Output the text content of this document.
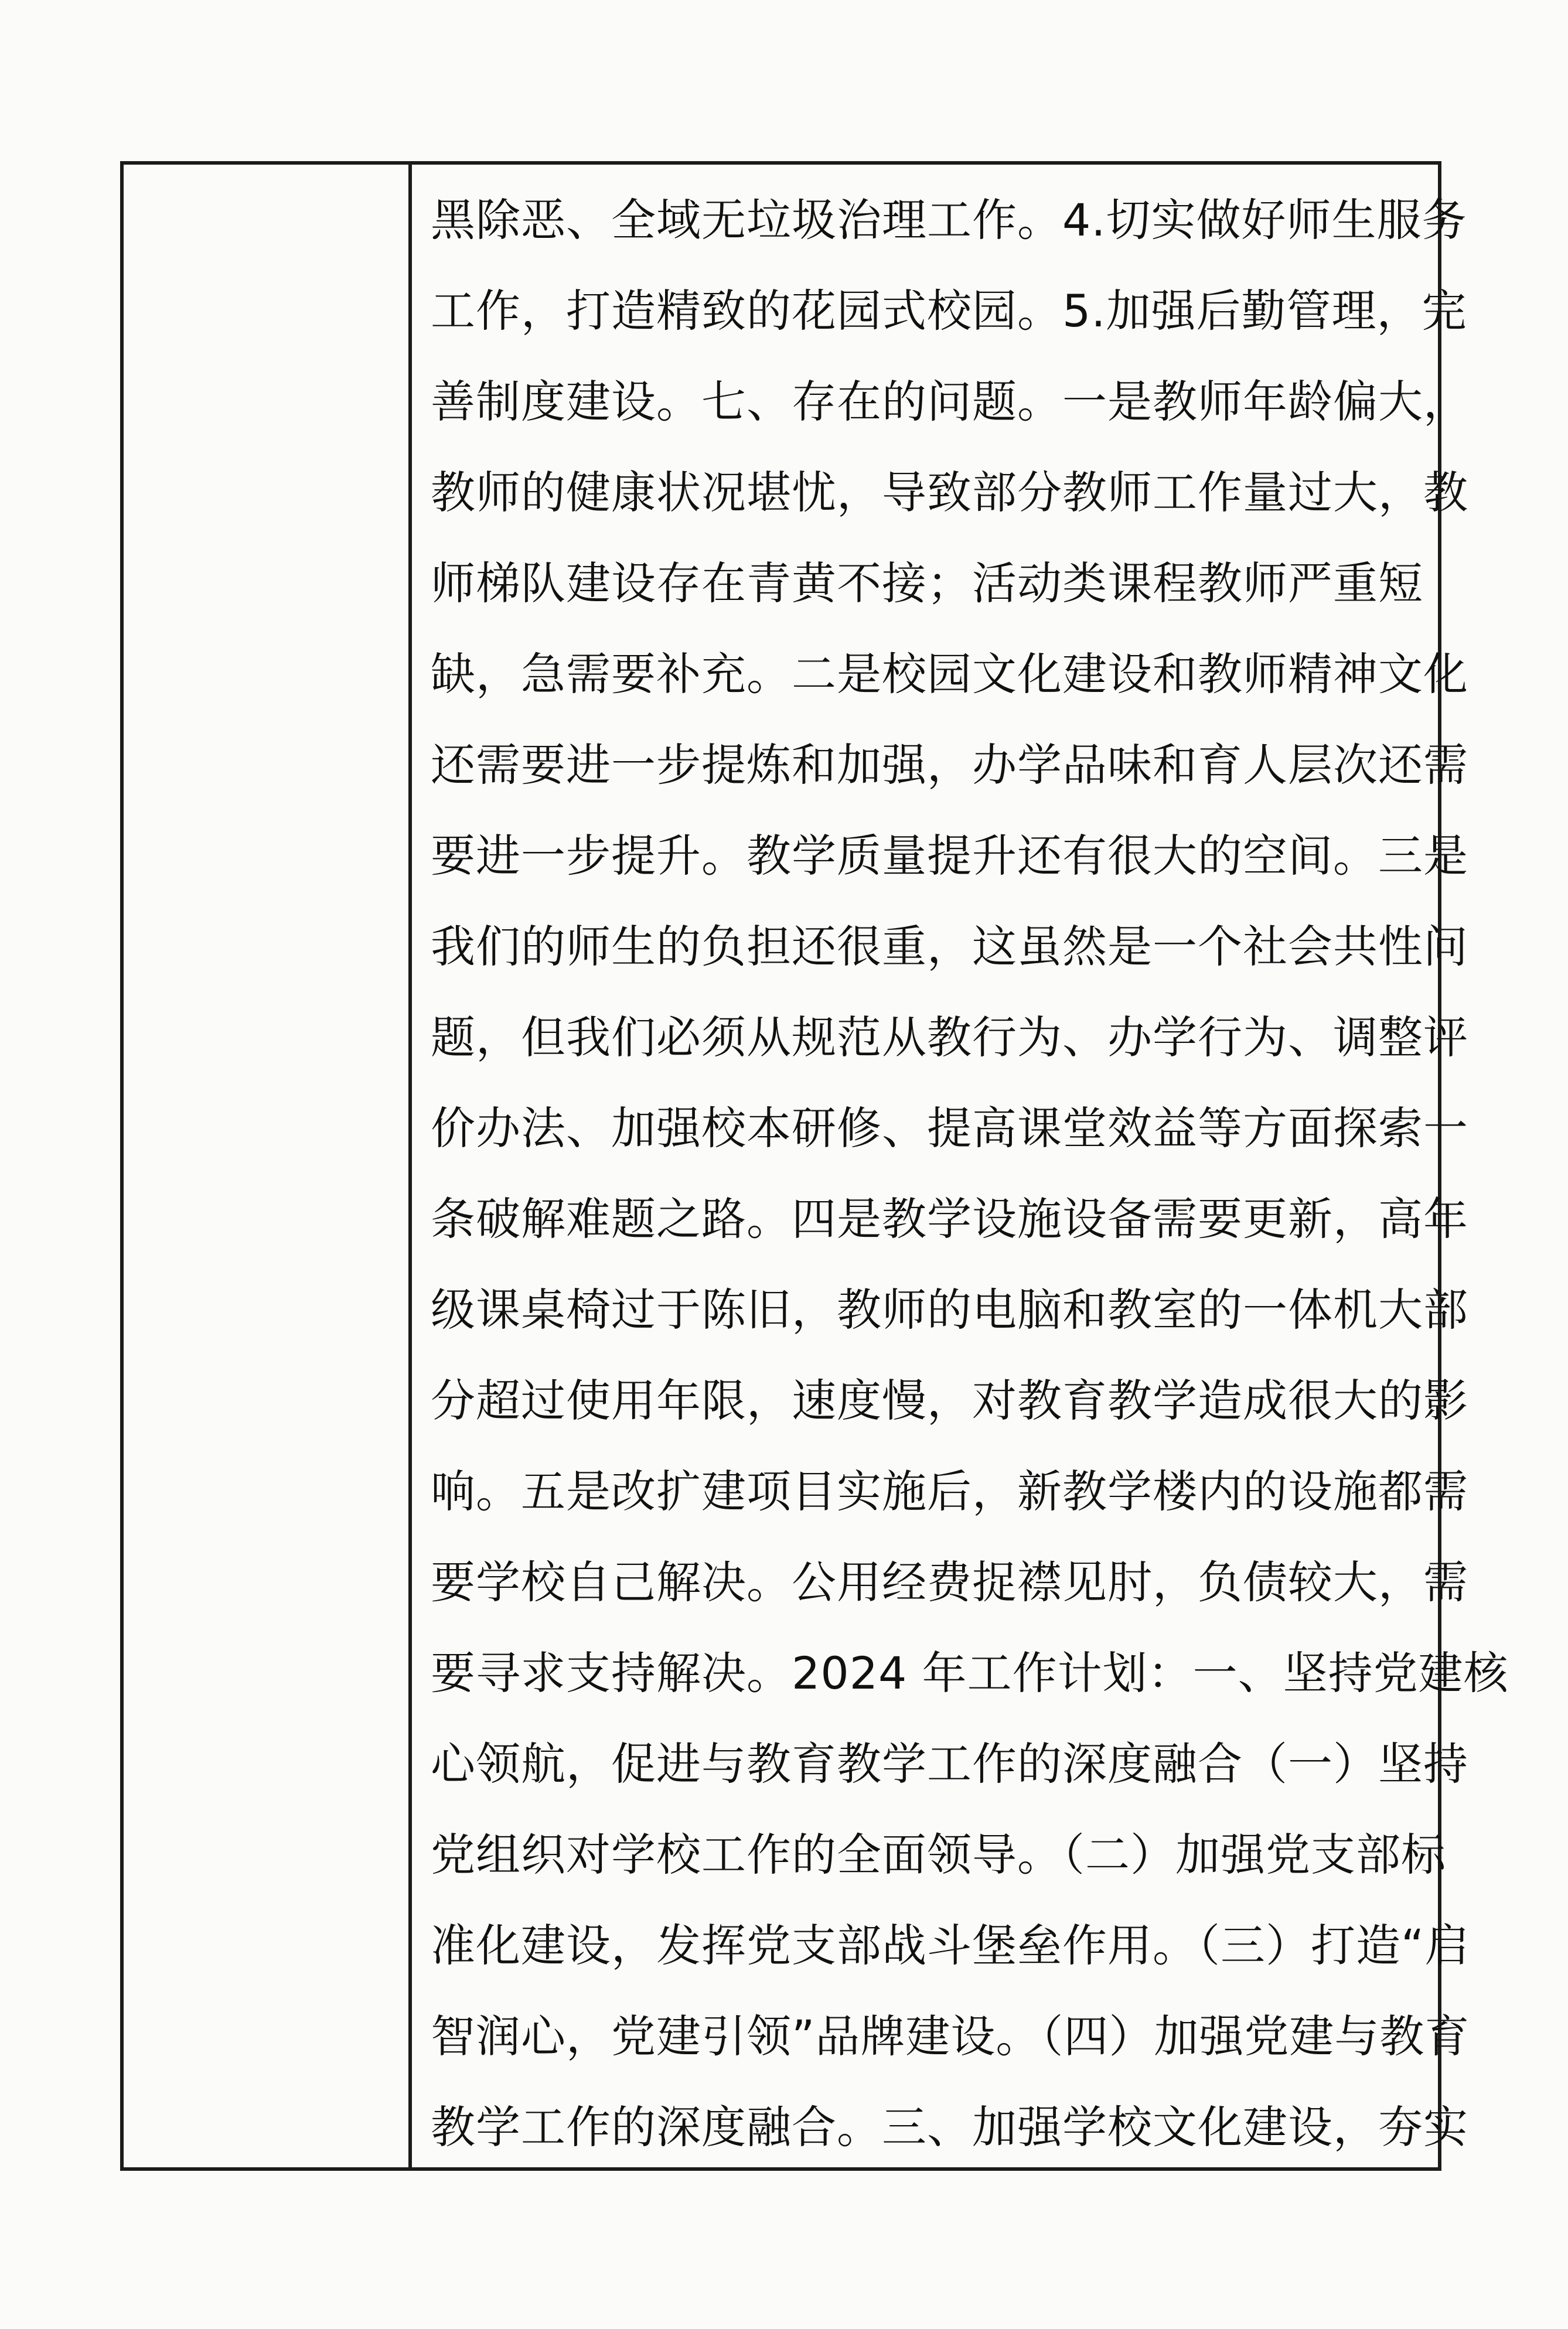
黑除恶、全域无垃圾治理工作。4.切实做好师生服务
工作，打造精致的花园式校园。5.加强后勤管理，完
善制度建设。七、存在的问题。一是教师年龄偏大，
教师的健康状况堪忧，导致部分教师工作量过大，教
师梯队建设存在青黄不接；活动类课程教师严重短
缺，急需要补充。二是校园文化建设和教师精神文化
还需要进一步提炼和加强，办学品味和育人层次还需
要进一步提升。教学质量提升还有很大的空间。三是
我们的师生的负担还很重，这虽然是一个社会共性问
题，但我们必须从规范从教行为、办学行为、调整评
价办法、加强校本研修、提高课堂效益等方面探索一
条破解难题之路。四是教学设施设备需要更新，高年
级课桌椅过于陈旧，教师的电脑和教室的一体机大部
分超过使用年限，速度慢，对教育教学造成很大的影
响。五是改扩建项目实施后，新教学楼内的设施都需
要学校自己解决。公用经费捉襟见肘，负债较大，需
要寻求支持解决。2024 年工作计划：一、坚持党建核
心领航，促进与教育教学工作的深度融合（一）坚持
党组织对学校工作的全面领导。（二）加强党支部标
准化建设，发挥党支部战斗堡垒作用。（三）打造“启
智润心，党建引领”品牌建设。（四）加强党建与教育
教学工作的深度融合。三、加强学校文化建设，夯实
